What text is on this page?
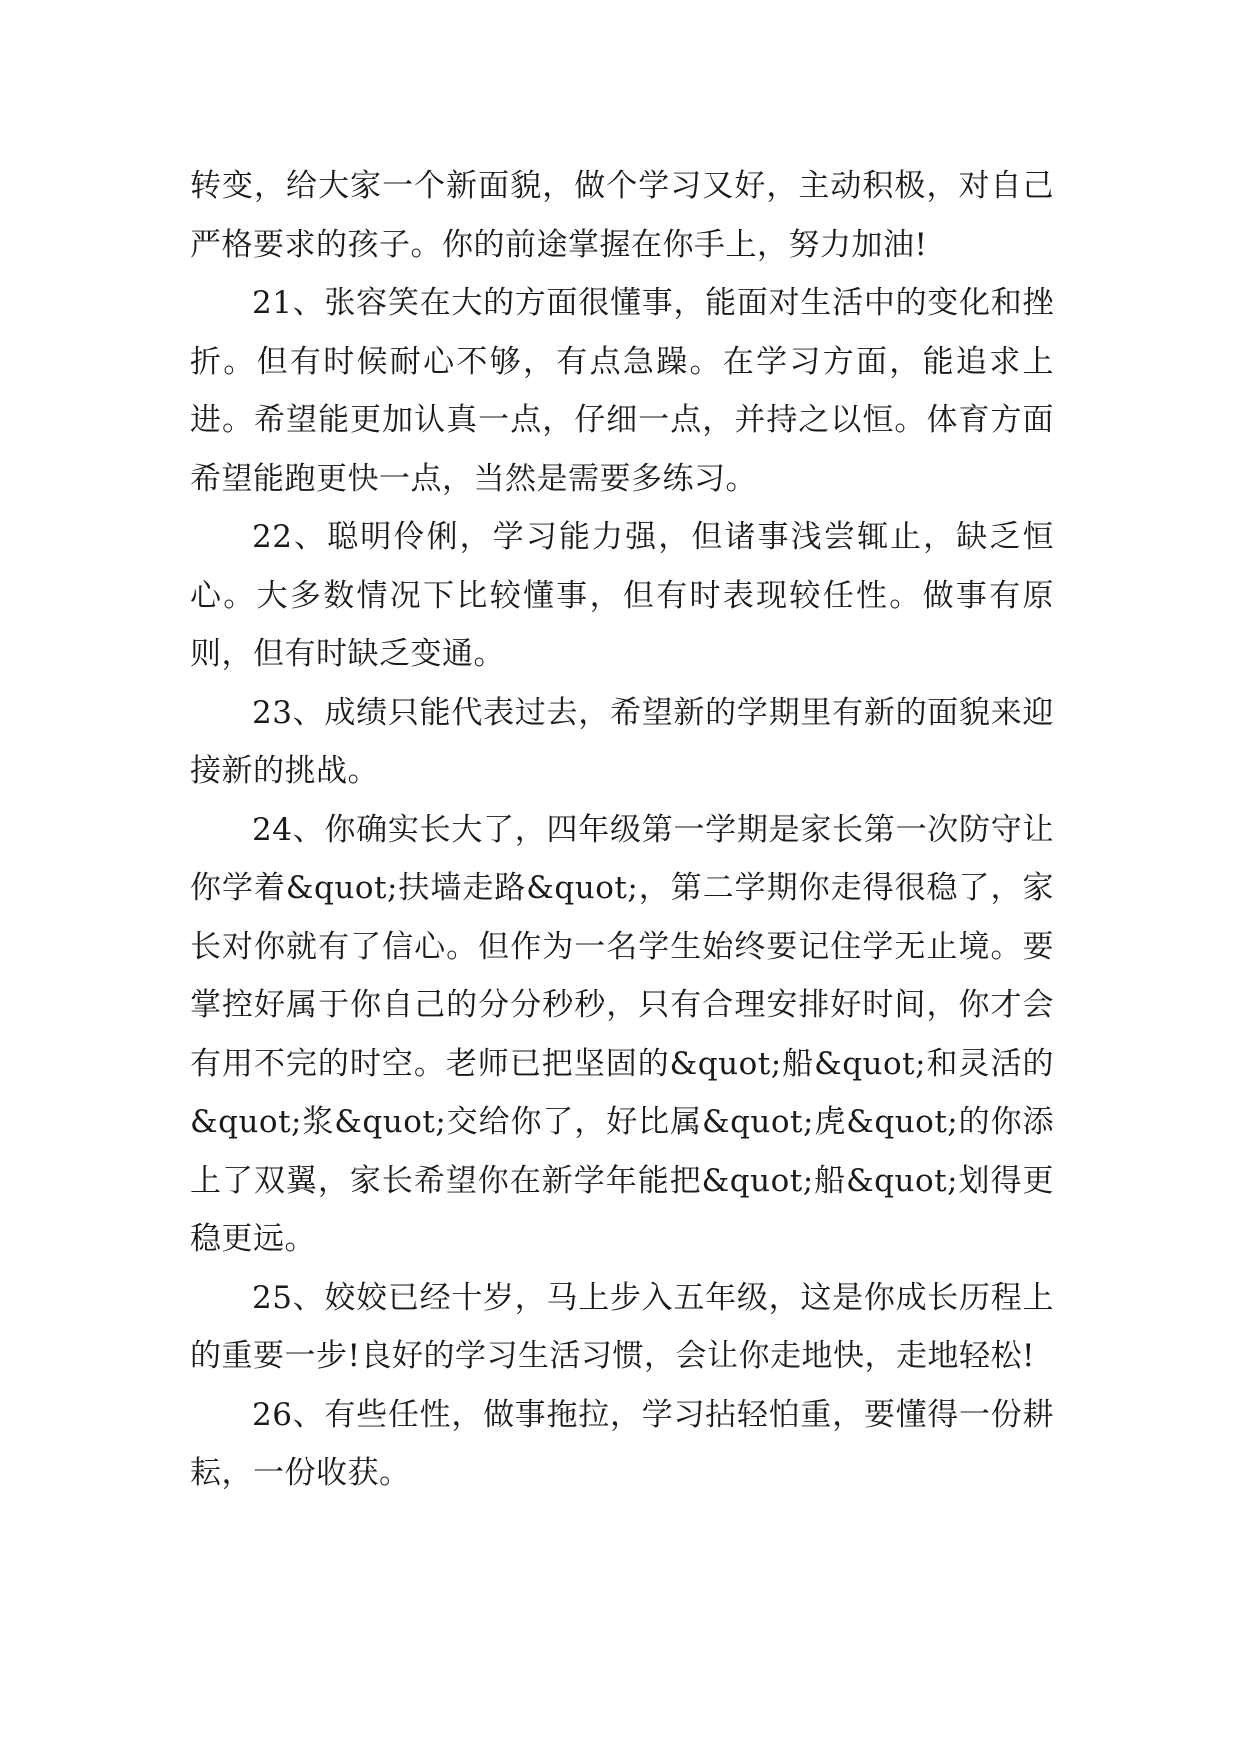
转变，给大家一个新面貌，做个学习又好，主动积极，对自己严格要求的孩子。你的前途掌握在你手上，努力加油!

21、张容笑在大的方面很懂事，能面对生活中的变化和挫折。但有时候耐心不够，有点急躁。在学习方面，能追求上进。希望能更加认真一点，仔细一点，并持之以恒。体育方面希望能跑更快一点，当然是需要多练习。

22、聪明伶俐，学习能力强，但诸事浅尝辄止，缺乏恒心。大多数情况下比较懂事，但有时表现较任性。做事有原则，但有时缺乏变通。

23、成绩只能代表过去，希望新的学期里有新的面貌来迎接新的挑战。

24、你确实长大了，四年级第一学期是家长第一次防守让你学着&quot;扶墙走路&quot;，第二学期你走得很稳了，家长对你就有了信心。但作为一名学生始终要记住学无止境。要掌控好属于你自己的分分秒秒，只有合理安排好时间，你才会有用不完的时空。老师已把坚固的&quot;船&quot;和灵活的&quot;浆&quot;交给你了，好比属&quot;虎&quot;的你添上了双翼，家长希望你在新学年能把&quot;船&quot;划得更稳更远。

25、姣姣已经十岁，马上步入五年级，这是你成长历程上的重要一步!良好的学习生活习惯，会让你走地快，走地轻松!

26、有些任性，做事拖拉，学习拈轻怕重，要懂得一份耕耘，一份收获。
